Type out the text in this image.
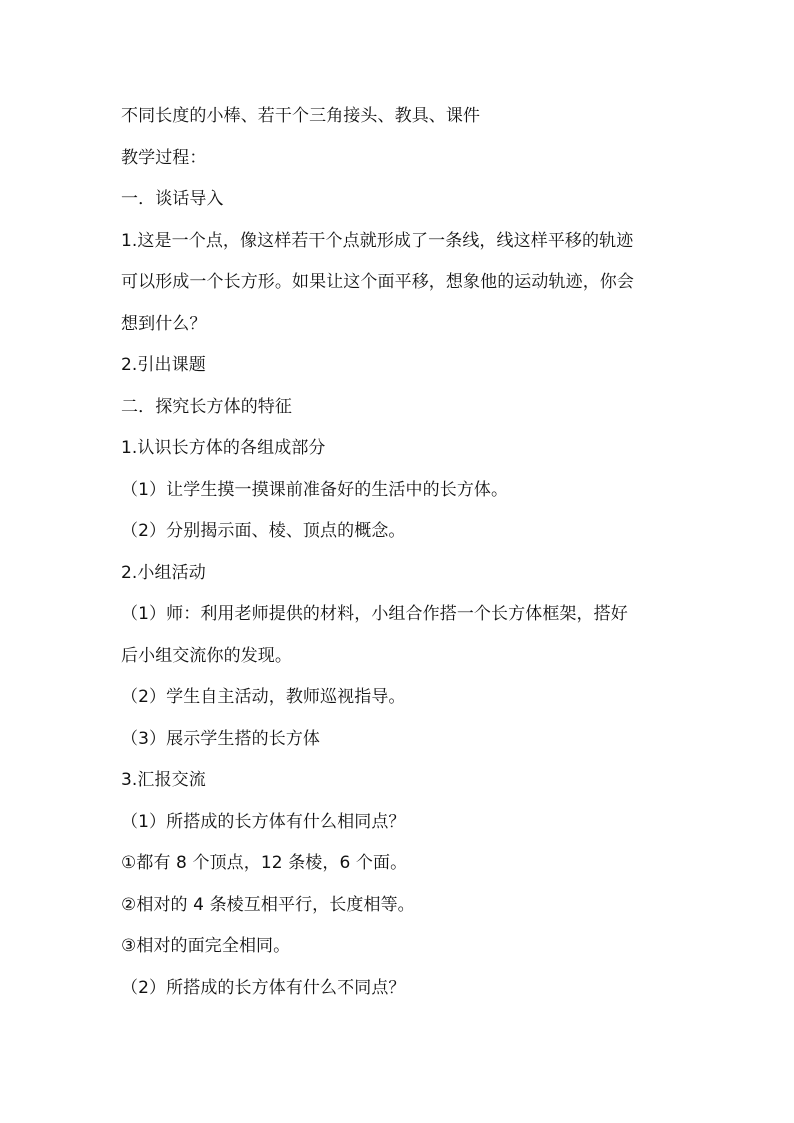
不同长度的小棒、若干个三角接头、教具、课件
教学过程：
一．谈话导入
1.这是一个点，像这样若干个点就形成了一条线，线这样平移的轨迹
可以形成一个长方形。如果让这个面平移，想象他的运动轨迹，你会
想到什么？
2.引出课题
二．探究长方体的特征
1.认识长方体的各组成部分
（1）让学生摸一摸课前准备好的生活中的长方体。
（2）分别揭示面、棱、顶点的概念。
2.小组活动
（1）师：利用老师提供的材料，小组合作搭一个长方体框架，搭好
后小组交流你的发现。
（2）学生自主活动，教师巡视指导。
（3）展示学生搭的长方体
3.汇报交流
（1）所搭成的长方体有什么相同点？
①都有 8 个顶点，12 条棱，6 个面。
②相对的 4 条棱互相平行，长度相等。
③相对的面完全相同。
（2）所搭成的长方体有什么不同点？
